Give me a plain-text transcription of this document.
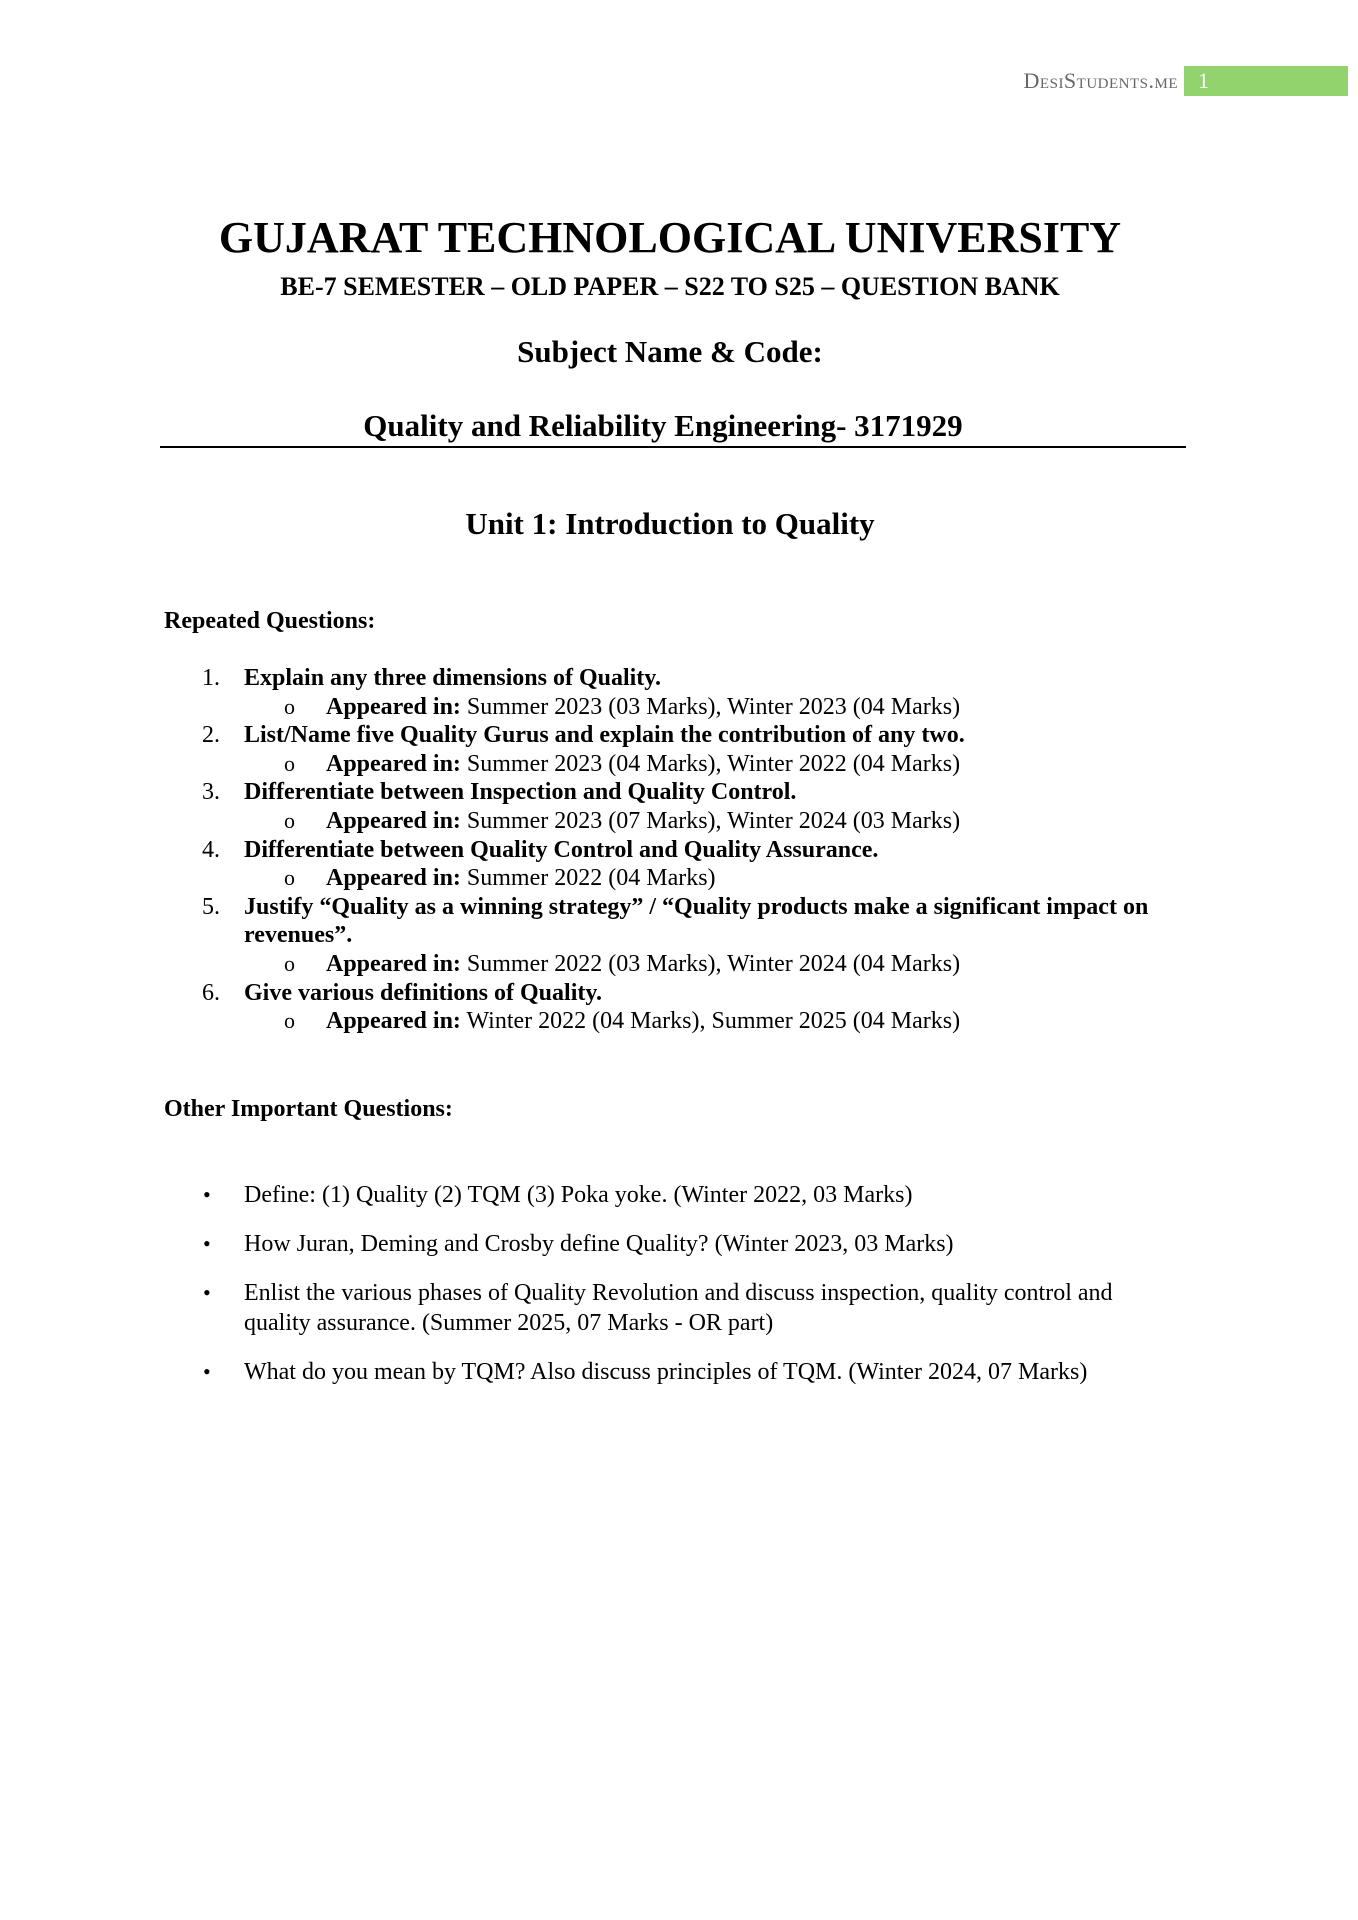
DesiStudents.me 1
GUJARAT TECHNOLOGICAL UNIVERSITY
BE-7 SEMESTER – OLD PAPER – S22 TO S25 – QUESTION BANK
Subject Name & Code:
Quality and Reliability Engineering- 3171929
Unit 1: Introduction to Quality
Repeated Questions:
1. Explain any three dimensions of Quality.
o Appeared in: Summer 2023 (03 Marks), Winter 2023 (04 Marks)
2. List/Name five Quality Gurus and explain the contribution of any two.
o Appeared in: Summer 2023 (04 Marks), Winter 2022 (04 Marks)
3. Differentiate between Inspection and Quality Control.
o Appeared in: Summer 2023 (07 Marks), Winter 2024 (03 Marks)
4. Differentiate between Quality Control and Quality Assurance.
o Appeared in: Summer 2022 (04 Marks)
5. Justify “Quality as a winning strategy” / “Quality products make a significant impact on
revenues”.
o Appeared in: Summer 2022 (03 Marks), Winter 2024 (04 Marks)
6. Give various definitions of Quality.
o Appeared in: Winter 2022 (04 Marks), Summer 2025 (04 Marks)
Other Important Questions:
• Define: (1) Quality (2) TQM (3) Poka yoke. (Winter 2022, 03 Marks)
• How Juran, Deming and Crosby define Quality? (Winter 2023, 03 Marks)
• Enlist the various phases of Quality Revolution and discuss inspection, quality control and quality assurance. (Summer 2025, 07 Marks - OR part)
• What do you mean by TQM? Also discuss principles of TQM. (Winter 2024, 07 Marks)
